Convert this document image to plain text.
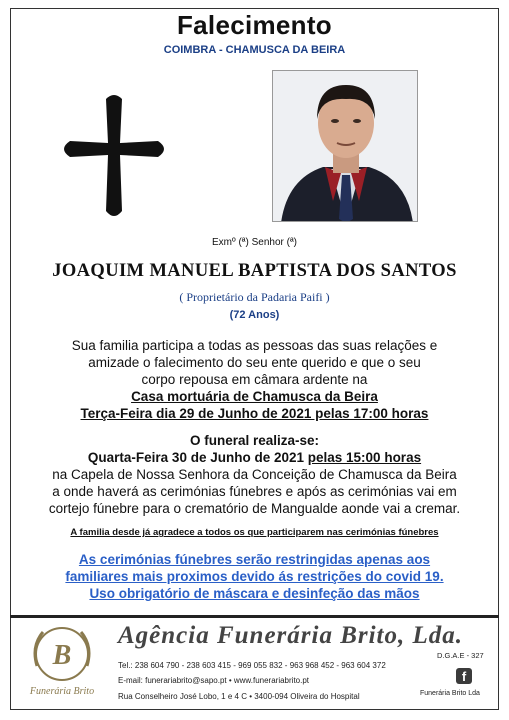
Falecimento
COIMBRA - CHAMUSCA DA BEIRA
Exmº (ª) Senhor (ª)
JOAQUIM MANUEL BAPTISTA DOS SANTOS
( Proprietário da Padaria Paifi )
(72 Anos)
Sua familia participa a todas as pessoas das suas relações e
amizade o falecimento do seu ente querido e que o seu
corpo repousa em câmara ardente na
Casa mortuária de Chamusca da Beira
Terça-Feira dia 29 de Junho de 2021 pelas 17:00 horas
O funeral realiza-se:
Quarta-Feira 30 de Junho de 2021 pelas 15:00 horas
na Capela de Nossa Senhora da Conceição de Chamusca da Beira
a onde haverá as cerimónias fúnebres e após as cerimónias vai em
cortejo fúnebre para o crematório de Mangualde aonde vai a cremar.
A familia desde já agradece a todos os que participarem nas cerimónias fúnebres
As cerimónias fúnebres serão restringidas apenas aos
familiares mais proximos devido ás restrições do covid 19.
Uso obrigatório de máscara e desinfeção das mãos
B
Funerária Brito
Agência Funerária Brito, Lda.
D.G.A.E - 327
Tel.: 238 604 790 - 238 603 415 - 969 055 832 - 963 968 452 - 963 604 372
E-mail: funerariabrito@sapo.pt • www.funerariabrito.pt
Rua Conselheiro José Lobo, 1 e 4 C • 3400-094 Oliveira do Hospital
f
Funerária Brito Lda
